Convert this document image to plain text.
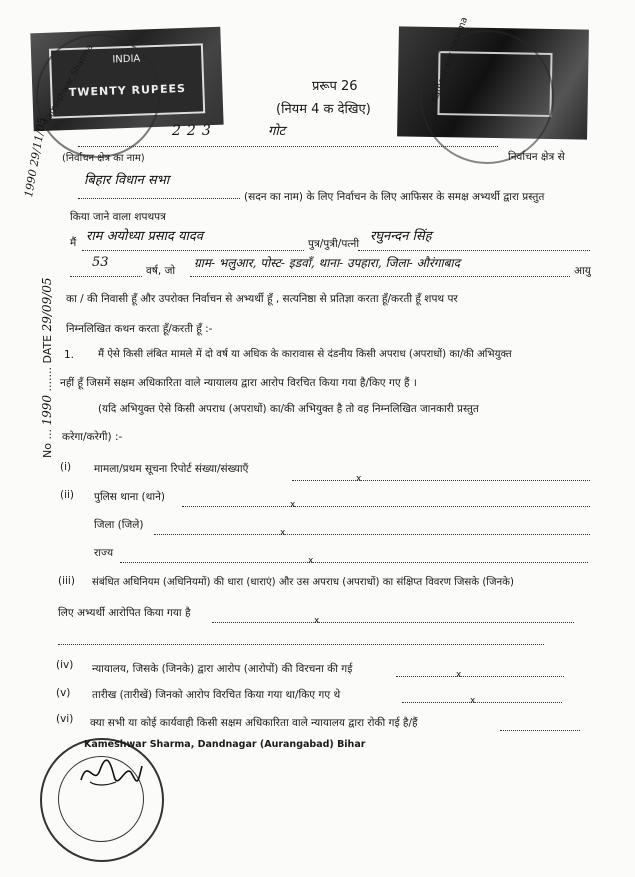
INDIA
TWENTY RUPEES
Kameshwar Sharma	Kameshwar Sharma
प्ररूप 26
(नियम 4 क देखिए)
223	गोट
निर्वाचन क्षेत्र से
(निर्वाचन क्षेत्र का नाम)
1990 29/11/05
No ... 1990 ....... DATE 29/09/05
बिहार विधान सभा
(सदन का नाम) के लिए निर्वाचन के लिए आफिसर के समक्ष अभ्यर्थी द्वारा प्रस्तुत
किया जाने वाला शपथपत्र
मैं राम अयोध्या प्रसाद यादव	पुत्र/पुत्री/पत्नी रघुनन्दन सिंह
53
वर्ष, जो
ग्राम- भलुआर, पोस्ट- इडवाँ, थाना- उपहारा, जिला- औरंगाबाद
आयु
का / की निवासी हूँ और उपरोक्त निर्वाचन से अभ्यर्थी हूँ , सत्यनिष्ठा से प्रतिज्ञा करता हूँ/करती हूँ शपथ पर
निम्नलिखित कथन करता हूँ/करती हूँ :-
1. मैं ऐसे किसी लंबित मामले में दो वर्ष या अधिक के कारावास से दंडनीय किसी अपराध (अपराधों) का/की अभियुक्त
नहीं हूँ जिसमें सक्षम अधिकारिता वाले न्यायालय द्वारा आरोप विरचित किया गया है/किए गए हैं ।
(यदि अभियुक्त ऐसे किसी अपराध (अपराधों) का/की अभियुक्त है तो वह निम्नलिखित जानकारी प्रस्तुत
करेगा/करेगी) :-
(i) मामला/प्रथम सूचना रिपोर्ट संख्या/संख्याएँ
x
(ii) पुलिस थाना (थाने)
x
जिला (जिले)
x
राज्य
x
(iii) संबंधित अधिनियम (अधिनियमों) की धारा (धाराएं) और उस अपराध (अपराधों) का संक्षिप्त विवरण जिसके (जिनके)
लिए अभ्यर्थी आरोपित किया गया है
x
(iv) न्यायालय, जिसके (जिनके) द्वारा आरोप (आरोपों) की विरचना की गई	x
(v) तारीख (तारीखें) जिनको आरोप विरचित किया गया था/किए गए थे	x
(vi) क्या सभी या कोई कार्यवाही किसी सक्षम अधिकारिता वाले न्यायालय द्वारा रोकी गई है/हैं
Kameshwar Sharma, Dandnagar (Aurangabad) Bihar
